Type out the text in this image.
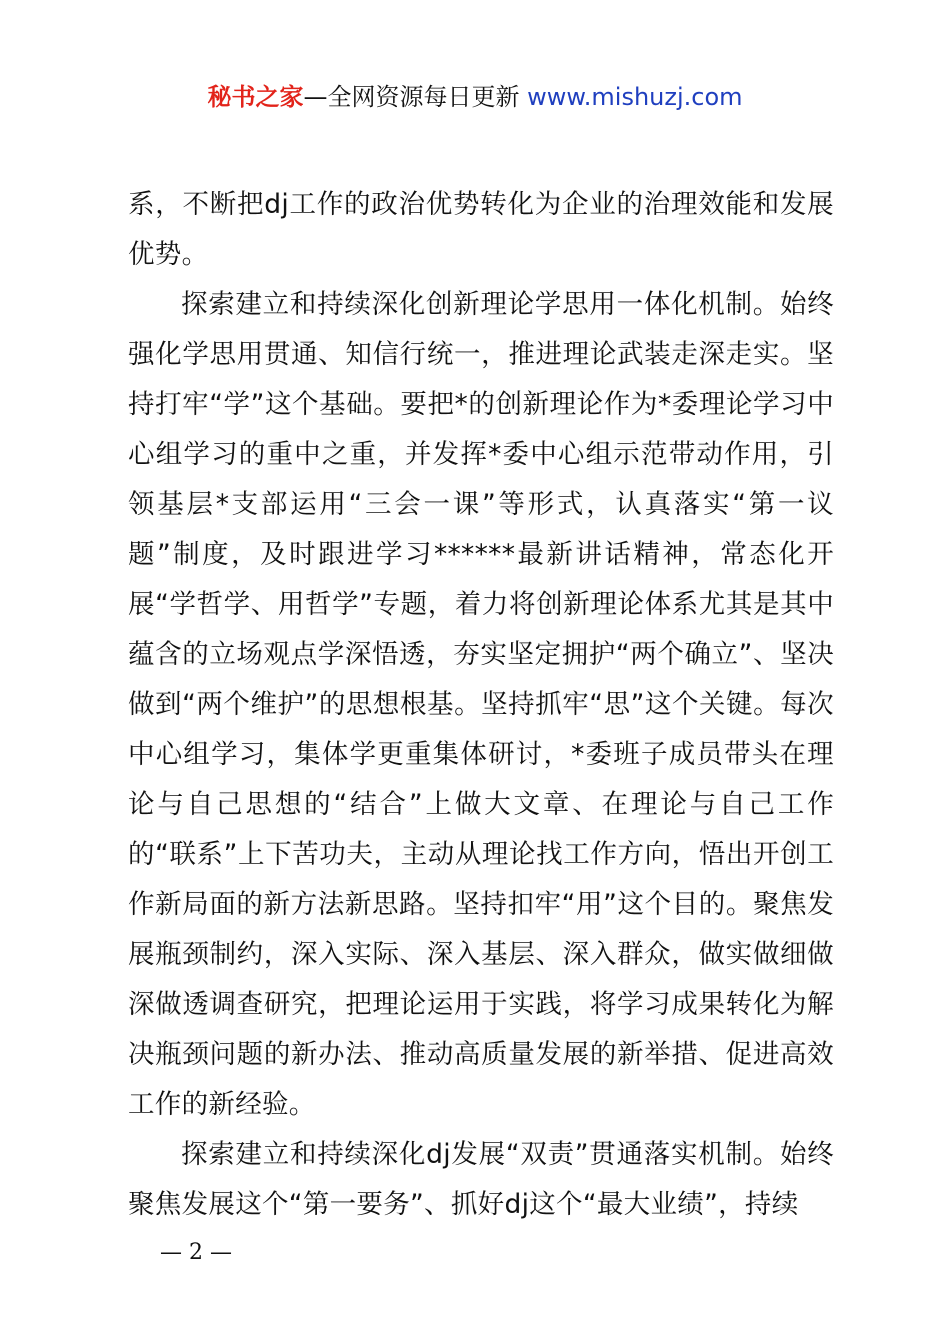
秘书之家—全网资源每日更新 www.mishuzj.com

系，不断把dj工作的政治优势转化为企业的治理效能和发展优势。

探索建立和持续深化创新理论学思用一体化机制。始终强化学思用贯通、知信行统一，推进理论武装走深走实。坚持打牢“学”这个基础。要把*的创新理论作为*委理论学习中心组学习的重中之重，并发挥*委中心组示范带动作用，引领基层*支部运用“三会一课”等形式，认真落实“第一议题”制度，及时跟进学习******最新讲话精神，常态化开展“学哲学、用哲学”专题，着力将创新理论体系尤其是其中蕴含的立场观点学深悟透，夯实坚定拥护“两个确立”、坚决做到“两个维护”的思想根基。坚持抓牢“思”这个关键。每次中心组学习，集体学更重集体研讨，*委班子成员带头在理论与自己思想的“结合”上做大文章、在理论与自己工作的“联系”上下苦功夫，主动从理论找工作方向，悟出开创工作新局面的新方法新思路。坚持扣牢“用”这个目的。聚焦发展瓶颈制约，深入实际、深入基层、深入群众，做实做细做深做透调查研究，把理论运用于实践，将学习成果转化为解决瓶颈问题的新办法、推动高质量发展的新举措、促进高效工作的新经验。

探索建立和持续深化dj发展“双责”贯通落实机制。始终聚焦发展这个“第一要务”、抓好dj这个“最大业绩”，持续

— 2 —
